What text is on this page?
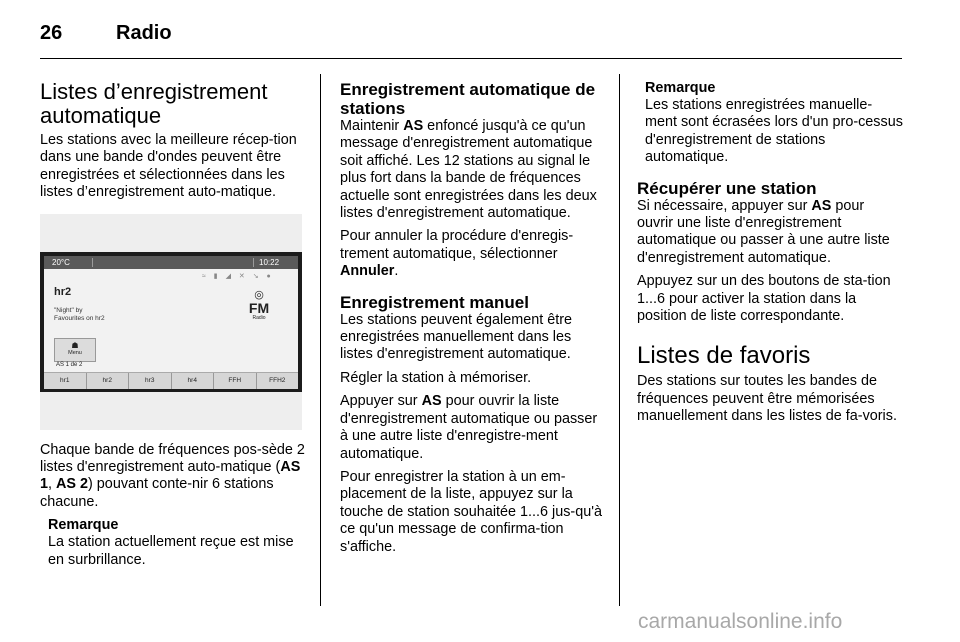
26	Radio
Listes d’enregistrement automatique

Les stations avec la meilleure récep-tion dans une bande d'ondes peuvent être enregistrées et sélectionnées dans les listes d’enregistrement auto-matique.

20°C	10:22
≈ ▮ ◢ ✕ ↘ ●
hr2
"Night" by
Favourites on hr2
◎
FM
Radio
☗
Menu
AS 1 de 2
hr1	hr2	hr3	hr4	FFH	FFH2

Chaque bande de fréquences pos-sède 2 listes d'enregistrement auto-matique (AS 1, AS 2) pouvant conte-nir 6 stations chacune.

Remarque

La station actuellement reçue est mise en surbrillance.

Enregistrement automatique de stations

Maintenir AS enfoncé jusqu'à ce qu'un message d'enregistrement automatique soit affiché. Les 12 stations au signal le plus fort dans la bande de fréquences actuelle sont enregistrées dans les deux listes d'enregistrement automatique.

Pour annuler la procédure d'enregis-trement automatique, sélectionner Annuler.

Enregistrement manuel

Les stations peuvent également être enregistrées manuellement dans les listes d'enregistrement automatique.

Régler la station à mémoriser.

Appuyer sur AS pour ouvrir la liste d'enregistrement automatique ou passer à une autre liste d'enregistre-ment automatique.

Pour enregistrer la station à un em-placement de la liste, appuyez sur la touche de station souhaitée 1...6 jus-qu'à ce qu'un message de confirma-tion s'affiche.

Remarque

Les stations enregistrées manuelle-ment sont écrasées lors d'un pro-cessus d'enregistrement de stations automatique.

Récupérer une station

Si nécessaire, appuyer sur AS pour ouvrir une liste d'enregistrement automatique ou passer à une autre liste d'enregistrement automatique.

Appuyez sur un des boutons de sta-tion 1...6 pour activer la station dans la position de liste correspondante.

Listes de favoris

Des stations sur toutes les bandes de fréquences peuvent être mémorisées manuellement dans les listes de fa-voris.

carmanualsonline.info
